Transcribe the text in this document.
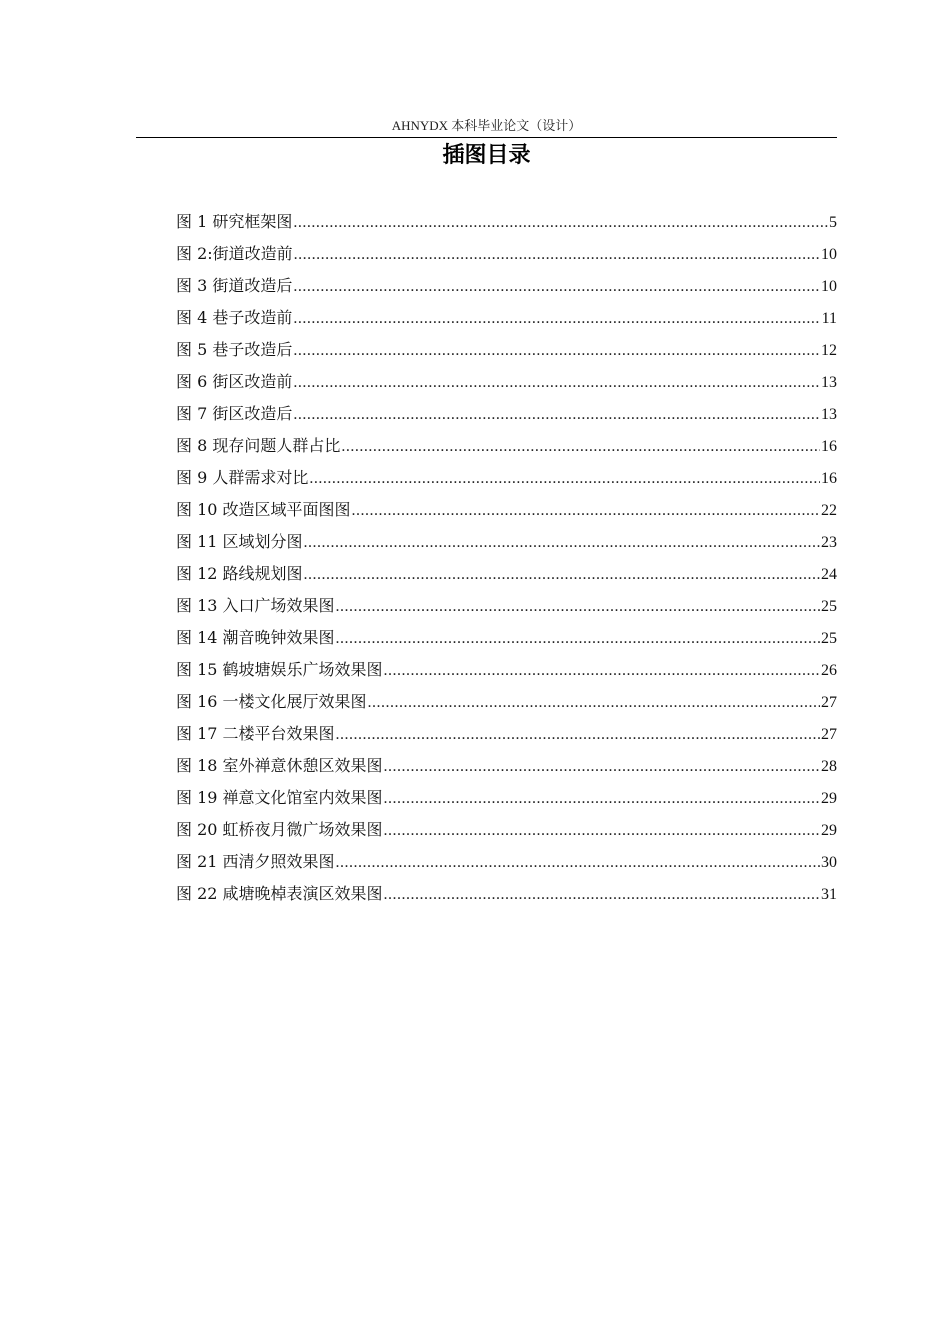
AHNYDX 本科毕业论文（设计）
插图目录
图 1 研究框架图 .....	5
图 2:街道改造前 .....	10
图 3 街道改造后 .....	10
图 4 巷子改造前 .....	11
图 5 巷子改造后 .....	12
图 6 街区改造前 .....	13
图 7 街区改造后 .....	13
图 8 现存问题人群占比 .....	16
图 9 人群需求对比 .....	16
图 10 改造区域平面图图 .....	22
图 11 区域划分图 .....	23
图 12 路线规划图 .....	24
图 13 入口广场效果图 .....	25
图 14 潮音晚钟效果图 .....	25
图 15 鹤坡塘娱乐广场效果图 .....	26
图 16 一楼文化展厅效果图 .....	27
图 17 二楼平台效果图 .....	27
图 18 室外禅意休憩区效果图 .....	28
图 19 禅意文化馆室内效果图 .....	29
图 20 虹桥夜月微广场效果图 .....	29
图 21 西清夕照效果图 .....	30
图 22 咸塘晚棹表演区效果图 .....	31
